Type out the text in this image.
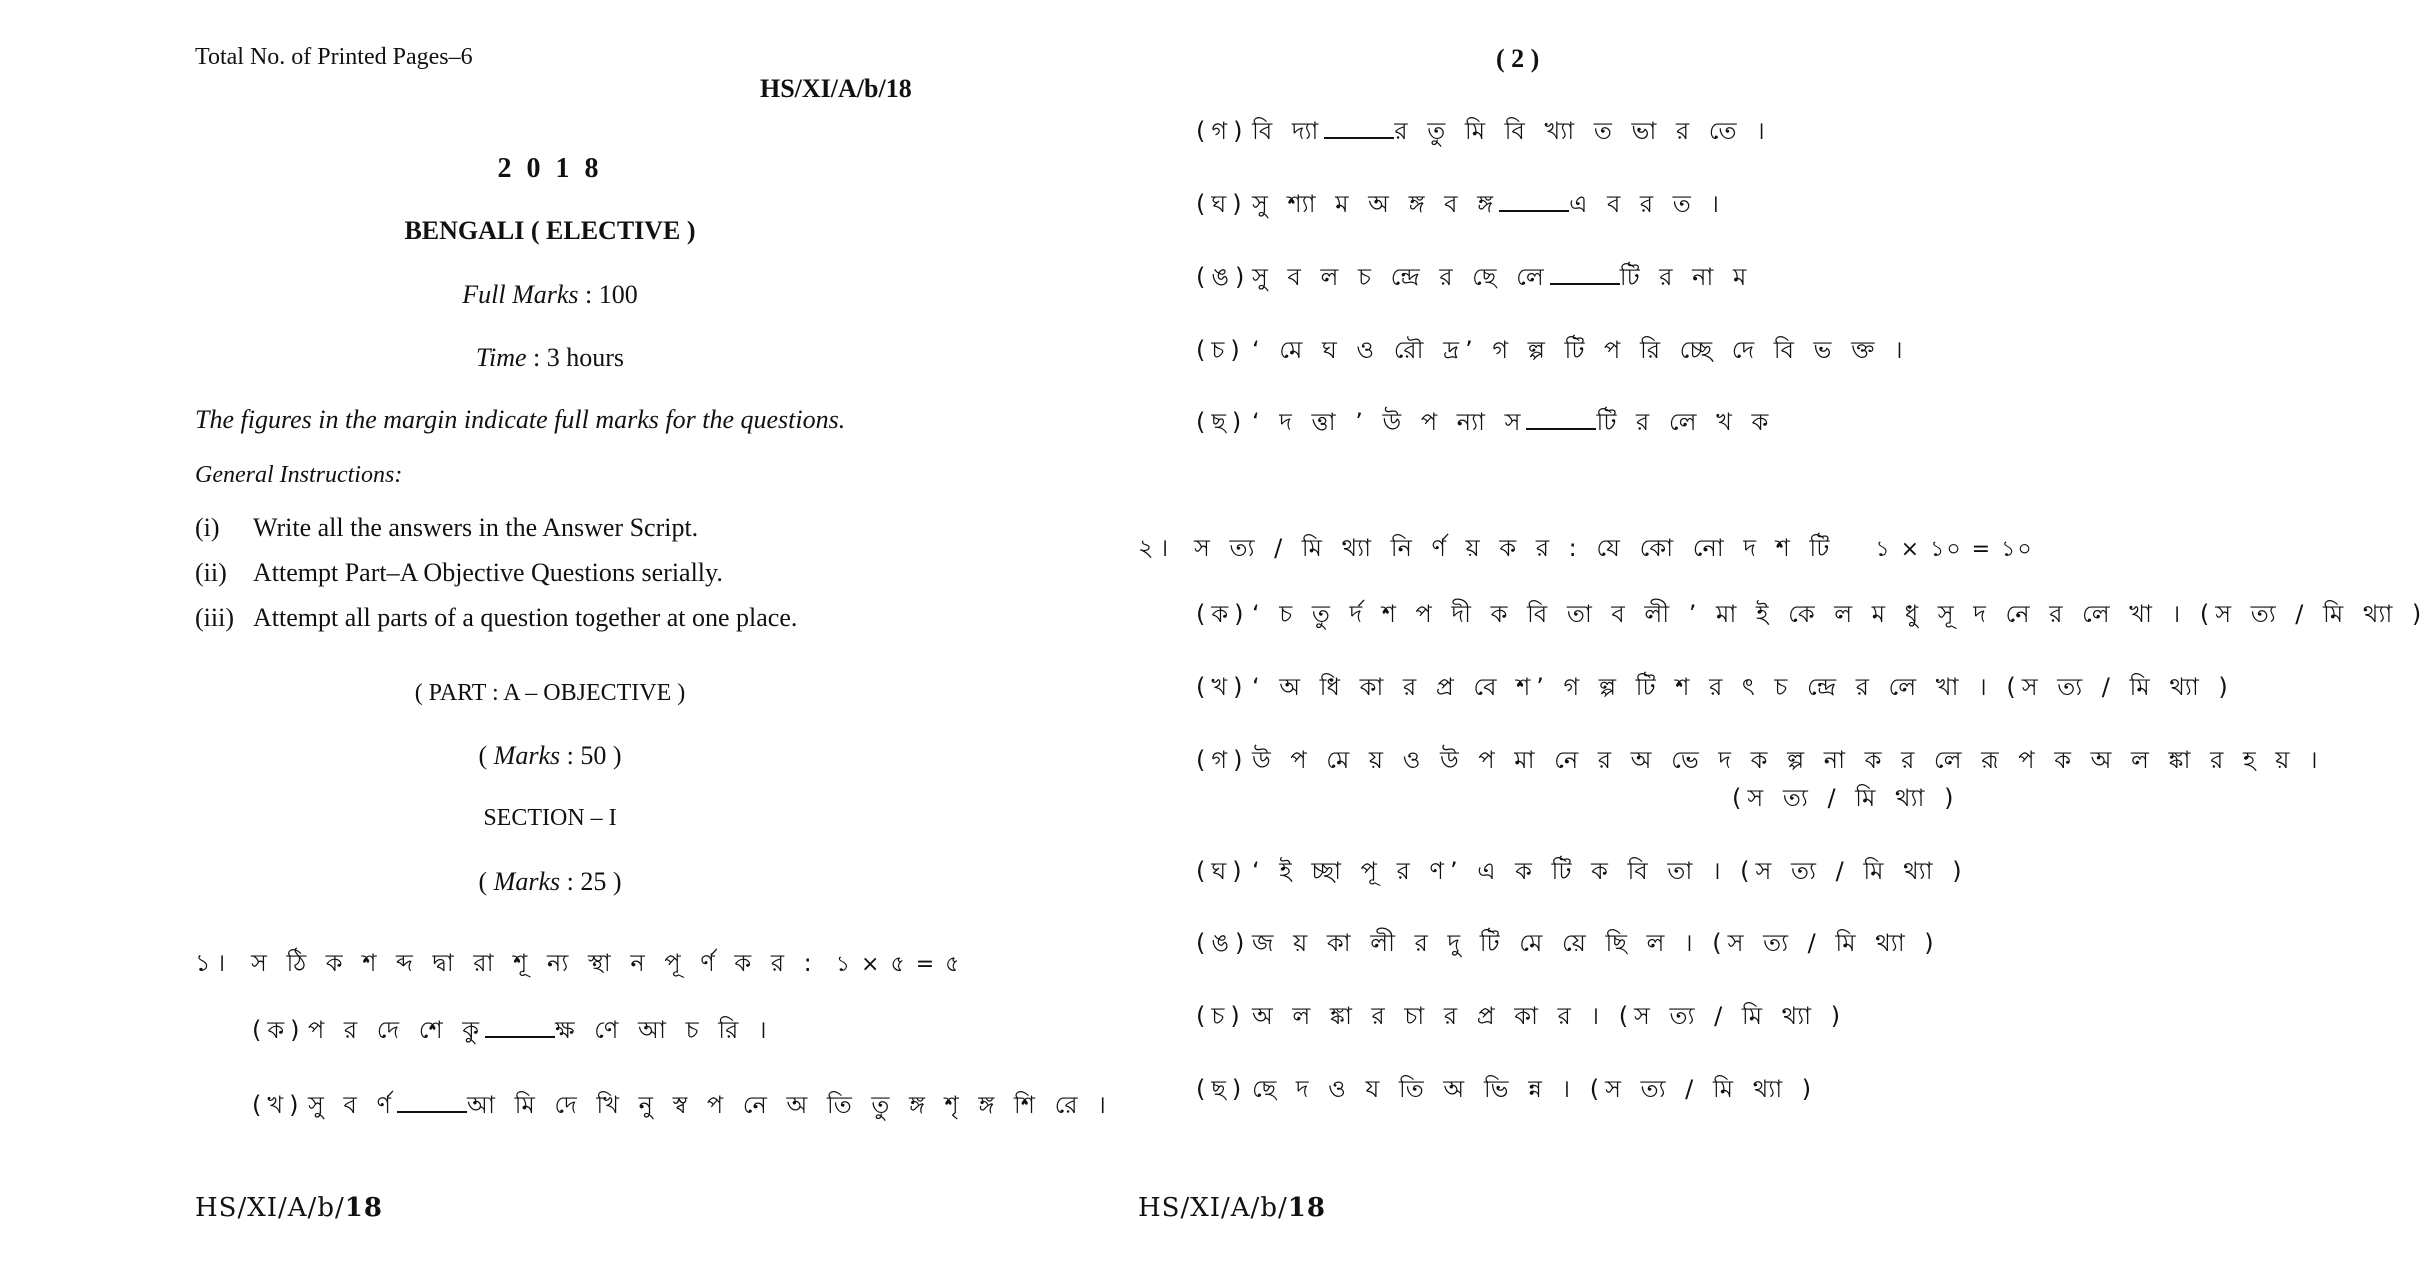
Total No. of Printed Pages–6
HS/XI/A/b/18
2 0 1 8
BENGALI ( ELECTIVE )
Full Marks : 100
Time : 3 hours
The figures in the margin indicate full marks for the questions.
General Instructions:
(i) Write all the answers in the Answer Script.
(ii) Attempt Part–A Objective Questions serially.
(iii) Attempt all parts of a question together at one place.
( PART : A – OBJECTIVE )
( Marks : 50 )
SECTION – I
( Marks : 25 )
১। স ঠি ক শ ব্দ দ্বা রা শূ ন্য স্থা ন পূ র্ণ ক র : ১ × ৫ = ৫
(ক) প র দে শে কু	ক্ষ ণে আ চ রি ।
(খ) সু ব র্ণ	আ মি দে খি নু স্ব প নে অ তি তু ঙ্গ শৃ ঙ্গ শি রে ।
HS/XI/A/b/18
( 2 )
(গ) বি দ্যা	র তু মি বি খ্যা ত ভা র তে ।
(ঘ) সু শ্যা ম অ ঙ্গ ব ঙ্গ	এ ব র ত ।
(ঙ)সু ব ল চ ন্দ্রে র ছে লে	টি র না ম
(চ) ‘ মে ঘ ও রৌ দ্র’ গ ল্প টি প রি চ্ছে দে বি ভ ক্ত ।
(ছ) ‘ দ ত্তা ’ উ প ন্যা স	টি র লে খ ক
২। স ত্য / মি থ্যা নি র্ণ য় ক র : যে কো নো দ শ টি ১ × ১০ = ১০
(ক) ‘ চ তু র্দ শ প দী ক বি তা ব লী ’ মা ই কে ল ম ধু সূ দ নে র লে খা । (স ত্য / মি থ্যা )
(খ) ‘ অ ধি কা র প্র বে শ’ গ ল্প টি শ র ৎ চ ন্দ্রে র লে খা । (স ত্য / মি থ্যা )
(গ) উ প মে য় ও উ প মা নে র অ ভে দ ক ল্প না ক র লে রূ প ক অ ল ঙ্কা র হ য় ।
(স ত্য / মি থ্যা )
(ঘ) ‘ ই চ্ছা পূ র ণ’ এ ক টি ক বি তা । (স ত্য / মি থ্যা )
(ঙ)জ য় কা লী র দু টি মে য়ে ছি ল । (স ত্য / মি থ্যা )
(চ) অ ল ঙ্কা র চা র প্র কা র । (স ত্য / মি থ্যা )
(ছ) ছে দ ও য তি অ ভি ন্ন । (স ত্য / মি থ্যা )
HS/XI/A/b/18
